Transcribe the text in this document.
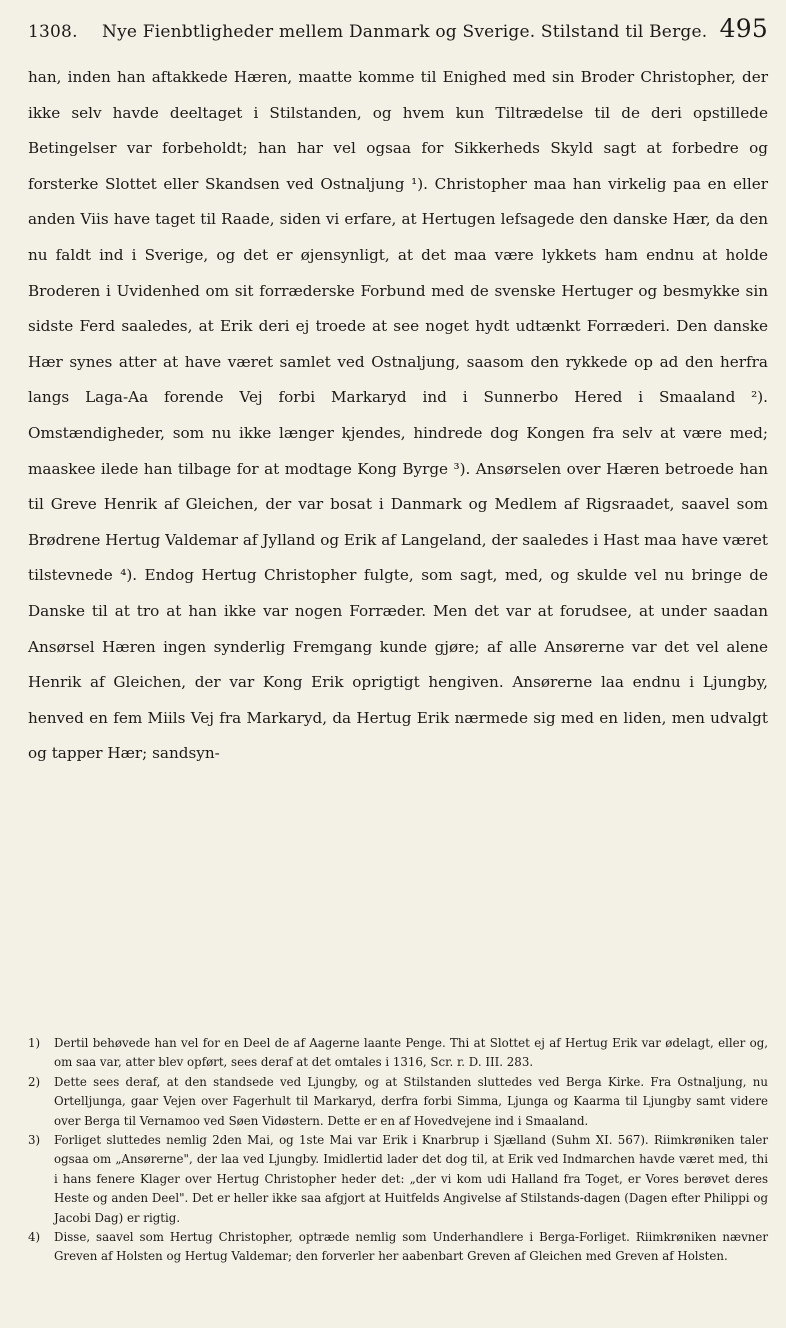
1308. Nye Fienbtligheder mellem Danmark og Sverige. Stilstand til Berge. 495

han, inden han aftakkede Hæren, maatte komme til Enighed med sin Broder Christopher, der ikke selv havde deeltaget i Stilstanden, og hvem kun Tiltrædelse til de deri opstillede Betingelser var forbeholdt; han har vel ogsaa for Sikkerheds Skyld sagt at forbedre og forsterke Slottet eller Skandsen ved Ostnaljung ¹). Christopher maa han virkelig paa en eller anden Viis have taget til Raade, siden vi erfare, at Hertugen lefsagede den danske Hær, da den nu faldt ind i Sverige, og det er øjensynligt, at det maa være lykkets ham endnu at holde Broderen i Uvidenhed om sit forræderske Forbund med de svenske Hertuger og besmykke sin sidste Ferd saaledes, at Erik deri ej troede at see noget hydt udtænkt Forræderi. Den danske Hær synes atter at have været samlet ved Ostnaljung, saasom den rykkede op ad den herfra langs Laga-Aa forende Vej forbi Markaryd ind i Sunnerbo Hered i Smaaland ²). Omstændigheder, som nu ikke længer kjendes, hindrede dog Kongen fra selv at være med; maaskee ilede han tilbage for at modtage Kong Byrge ³). Ansørselen over Hæren betroede han til Greve Henrik af Gleichen, der var bosat i Danmark og Medlem af Rigsraadet, saavel som Brødrene Hertug Valdemar af Jylland og Erik af Langeland, der saaledes i Hast maa have været tilstevnede ⁴). Endog Hertug Christopher fulgte, som sagt, med, og skulde vel nu bringe de Danske til at tro at han ikke var nogen Forræder. Men det var at forudsee, at under saadan Ansørsel Hæren ingen synderlig Fremgang kunde gjøre; af alle Ansørerne var det vel alene Henrik af Gleichen, der var Kong Erik oprigtigt hengiven. Ansørerne laa endnu i Ljungby, henved en fem Miils Vej fra Markaryd, da Hertug Erik nærmede sig med en liden, men udvalgt og tapper Hær; sandsyn-

1)	Dertil behøvede han vel for en Deel de af Aagerne laante Penge. Thi at Slottet ej af Hertug Erik var ødelagt, eller og, om saa var, atter blev opført, sees deraf at det omtales i 1316, Scr. r. D. III. 283.
2)	Dette sees deraf, at den standsede ved Ljungby, og at Stilstanden sluttedes ved Berga Kirke. Fra Ostnaljung, nu Ortelljunga, gaar Vejen over Fagerhult til Markaryd, derfra forbi Simma, Ljunga og Kaarma til Ljungby samt videre over Berga til Vernamoo ved Søen Vidøstern. Dette er en af Hovedvejene ind i Smaaland.
3)	Forliget sluttedes nemlig 2den Mai, og 1ste Mai var Erik i Knarbrup i Sjælland (Suhm XI. 567). Riimkrøniken taler ogsaa om „Ansørerne", der laa ved Ljungby. Imidlertid lader det dog til, at Erik ved Indmarchen havde været med, thi i hans fenere Klager over Hertug Christopher heder det: „der vi kom udi Halland fra Toget, er Vores berøvet deres Heste og anden Deel". Det er heller ikke saa afgjort at Huitfelds Angivelse af Stilstands-dagen (Dagen efter Philippi og Jacobi Dag) er rigtig.
4)	Disse, saavel som Hertug Christopher, optræde nemlig som Underhandlere i Berga-Forliget. Riimkrøniken nævner Greven af Holsten og Hertug Valdemar; den forverler her aabenbart Greven af Gleichen med Greven af Holsten.
